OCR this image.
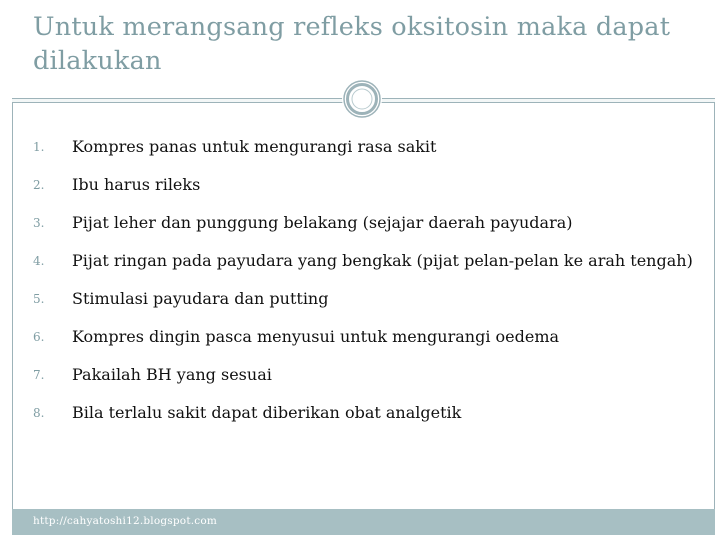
Untuk merangsang refleks oksitosin maka dapat dilakukan
1. Kompres panas untuk mengurangi rasa sakit
2. Ibu harus rileks
3. Pijat leher dan punggung belakang (sejajar daerah payudara)
4. Pijat ringan pada payudara yang bengkak (pijat pelan-pelan ke arah tengah)
5. Stimulasi payudara dan putting
6. Kompres dingin pasca menyusui untuk mengurangi oedema
7. Pakailah BH yang sesuai
8. Bila terlalu sakit dapat diberikan obat analgetik
http://cahyatoshi12.blogspot.com
